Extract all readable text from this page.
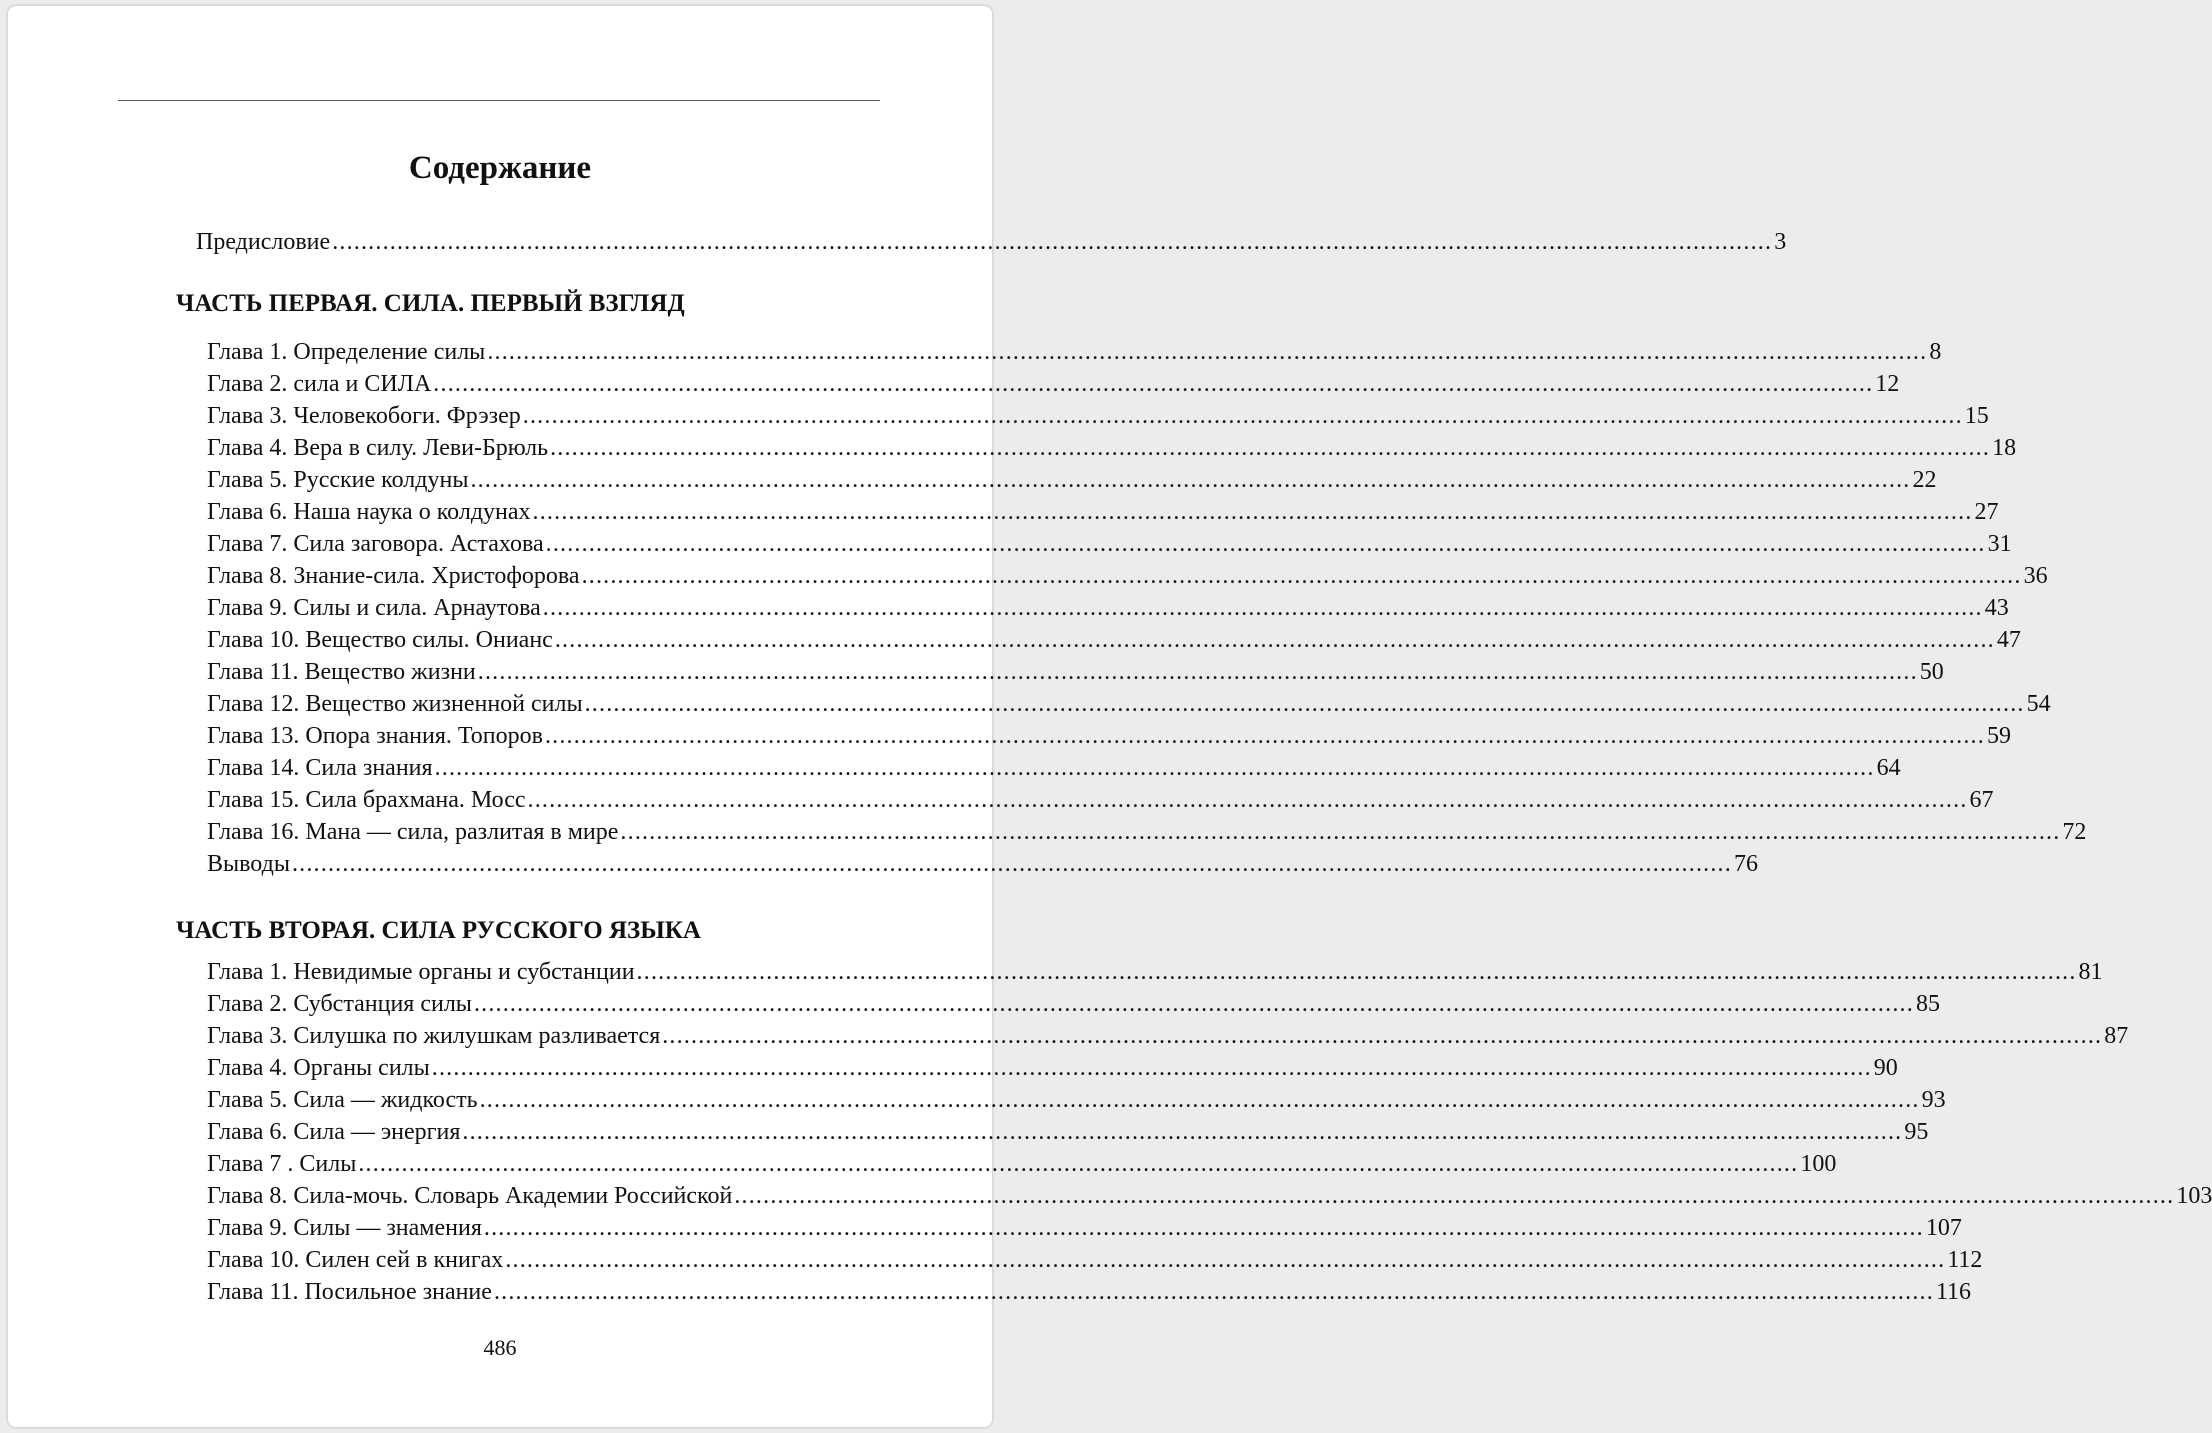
Содержание
Предисловие ........................................................................................................................................................................................................ 3
ЧАСТЬ ПЕРВАЯ. СИЛА. ПЕРВЫЙ ВЗГЛЯД
Глава 1. Определение силы ........................................................................................................................................................................................................ 8
Глава 2. сила и СИЛА ........................................................................................................................................................................................................ 12
Глава 3. Человекобоги. Фрэзер ........................................................................................................................................................................................................ 15
Глава 4. Вера в силу. Леви-Брюль ........................................................................................................................................................................................................ 18
Глава 5. Русские колдуны ........................................................................................................................................................................................................ 22
Глава 6. Наша наука о колдунах ........................................................................................................................................................................................................ 27
Глава 7. Сила заговора. Астахова ........................................................................................................................................................................................................ 31
Глава 8. Знание-сила. Христофорова ........................................................................................................................................................................................................ 36
Глава 9. Силы и сила. Арнаутова ........................................................................................................................................................................................................ 43
Глава 10. Вещество силы. Онианс ........................................................................................................................................................................................................ 47
Глава 11. Вещество жизни ........................................................................................................................................................................................................ 50
Глава 12. Вещество жизненной силы ........................................................................................................................................................................................................ 54
Глава 13. Опора знания. Топоров ........................................................................................................................................................................................................ 59
Глава 14. Сила знания ........................................................................................................................................................................................................ 64
Глава 15. Сила брахмана. Мосс ........................................................................................................................................................................................................ 67
Глава 16. Мана — сила, разлитая в мире ........................................................................................................................................................................................................ 72
Выводы ........................................................................................................................................................................................................ 76
ЧАСТЬ ВТОРАЯ. СИЛА РУССКОГО ЯЗЫКА
Глава 1. Невидимые органы и субстанции ........................................................................................................................................................................................................ 81
Глава 2. Субстанция силы ........................................................................................................................................................................................................ 85
Глава 3. Силушка по жилушкам разливается ........................................................................................................................................................................................................ 87
Глава 4. Органы силы ........................................................................................................................................................................................................ 90
Глава 5. Сила — жидкость ........................................................................................................................................................................................................ 93
Глава 6. Сила — энергия ........................................................................................................................................................................................................ 95
Глава 7 . Силы ........................................................................................................................................................................................................ 100
Глава 8. Сила-мочь. Словарь Академии Российской ........................................................................................................................................................................................................ 103
Глава 9. Силы — знамения ........................................................................................................................................................................................................ 107
Глава 10. Силен сей в книгах ........................................................................................................................................................................................................ 112
Глава 11. Посильное знание ........................................................................................................................................................................................................ 116
486
